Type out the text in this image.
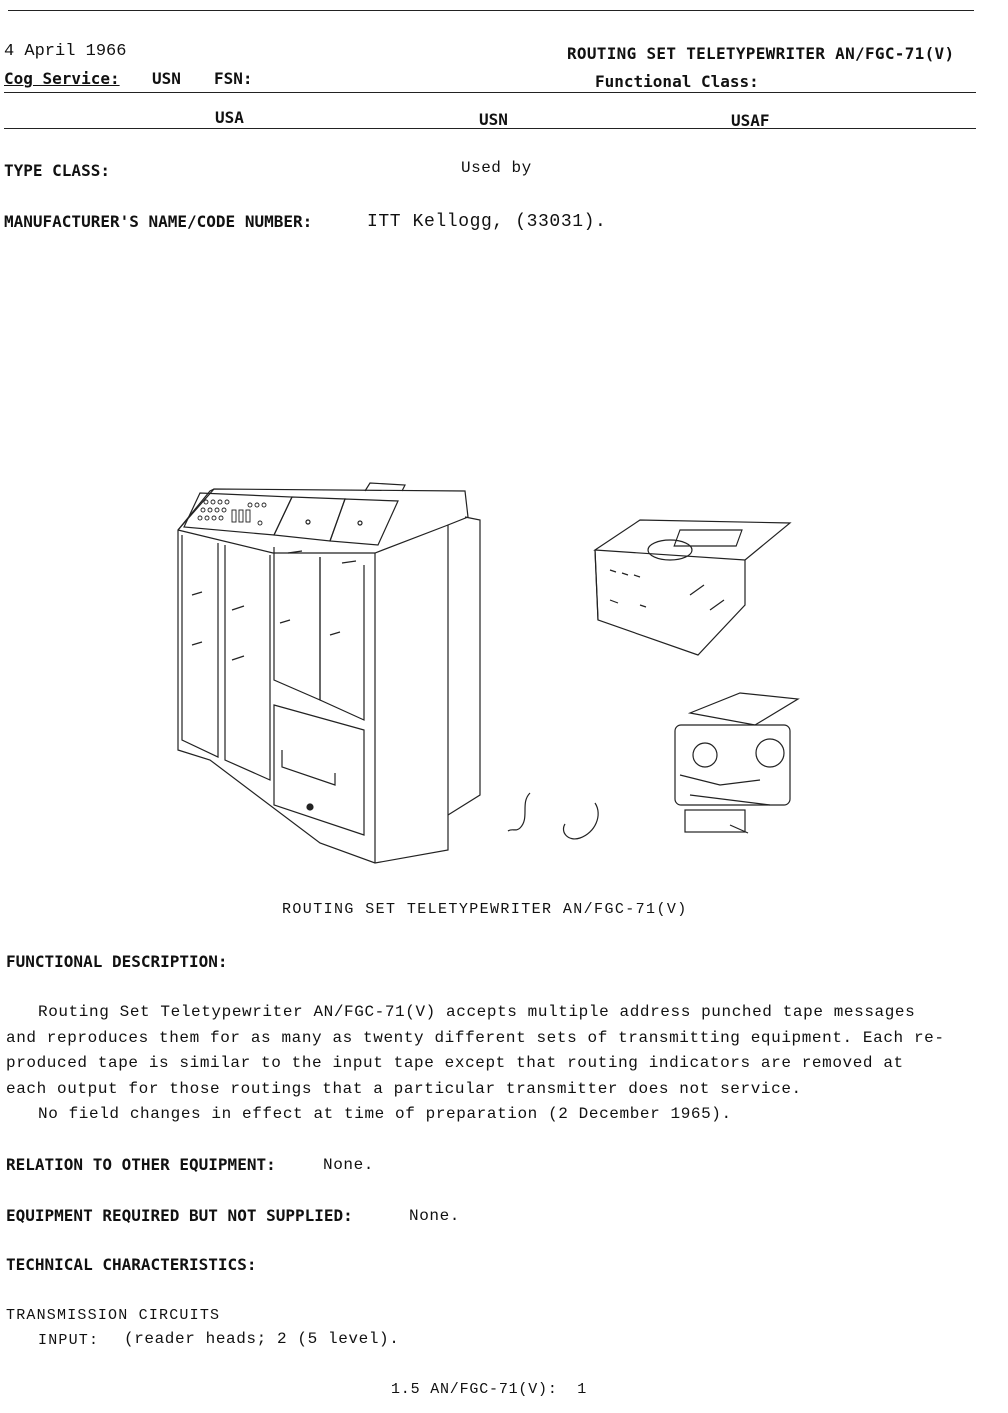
4 April 1966	ROUTING SET TELETYPEWRITER AN/FGC-71(V)
Cog Service: USN FSN:	Functional Class:
USA	USN	USAF
TYPE CLASS:	Used by
MANUFACTURER'S NAME/CODE NUMBER:	ITT Kellogg, (33031).
ROUTING SET TELETYPEWRITER AN/FGC-71(V)
FUNCTIONAL DESCRIPTION:

Routing Set Teletypewriter AN/FGC-71(V) accepts multiple address punched tape messages

and reproduces them for as many as twenty different sets of transmitting equipment. Each re-

produced tape is similar to the input tape except that routing indicators are removed at

each output for those routings that a particular transmitter does not service.

No field changes in effect at time of preparation (2 December 1965).

RELATION TO OTHER EQUIPMENT:	None.
EQUIPMENT REQUIRED BUT NOT SUPPLIED:	None.
TECHNICAL CHARACTERISTICS:
TRANSMISSION CIRCUITS
INPUT: (reader heads; 2 (5 level).
1.5 AN/FGC-71(V):  1
